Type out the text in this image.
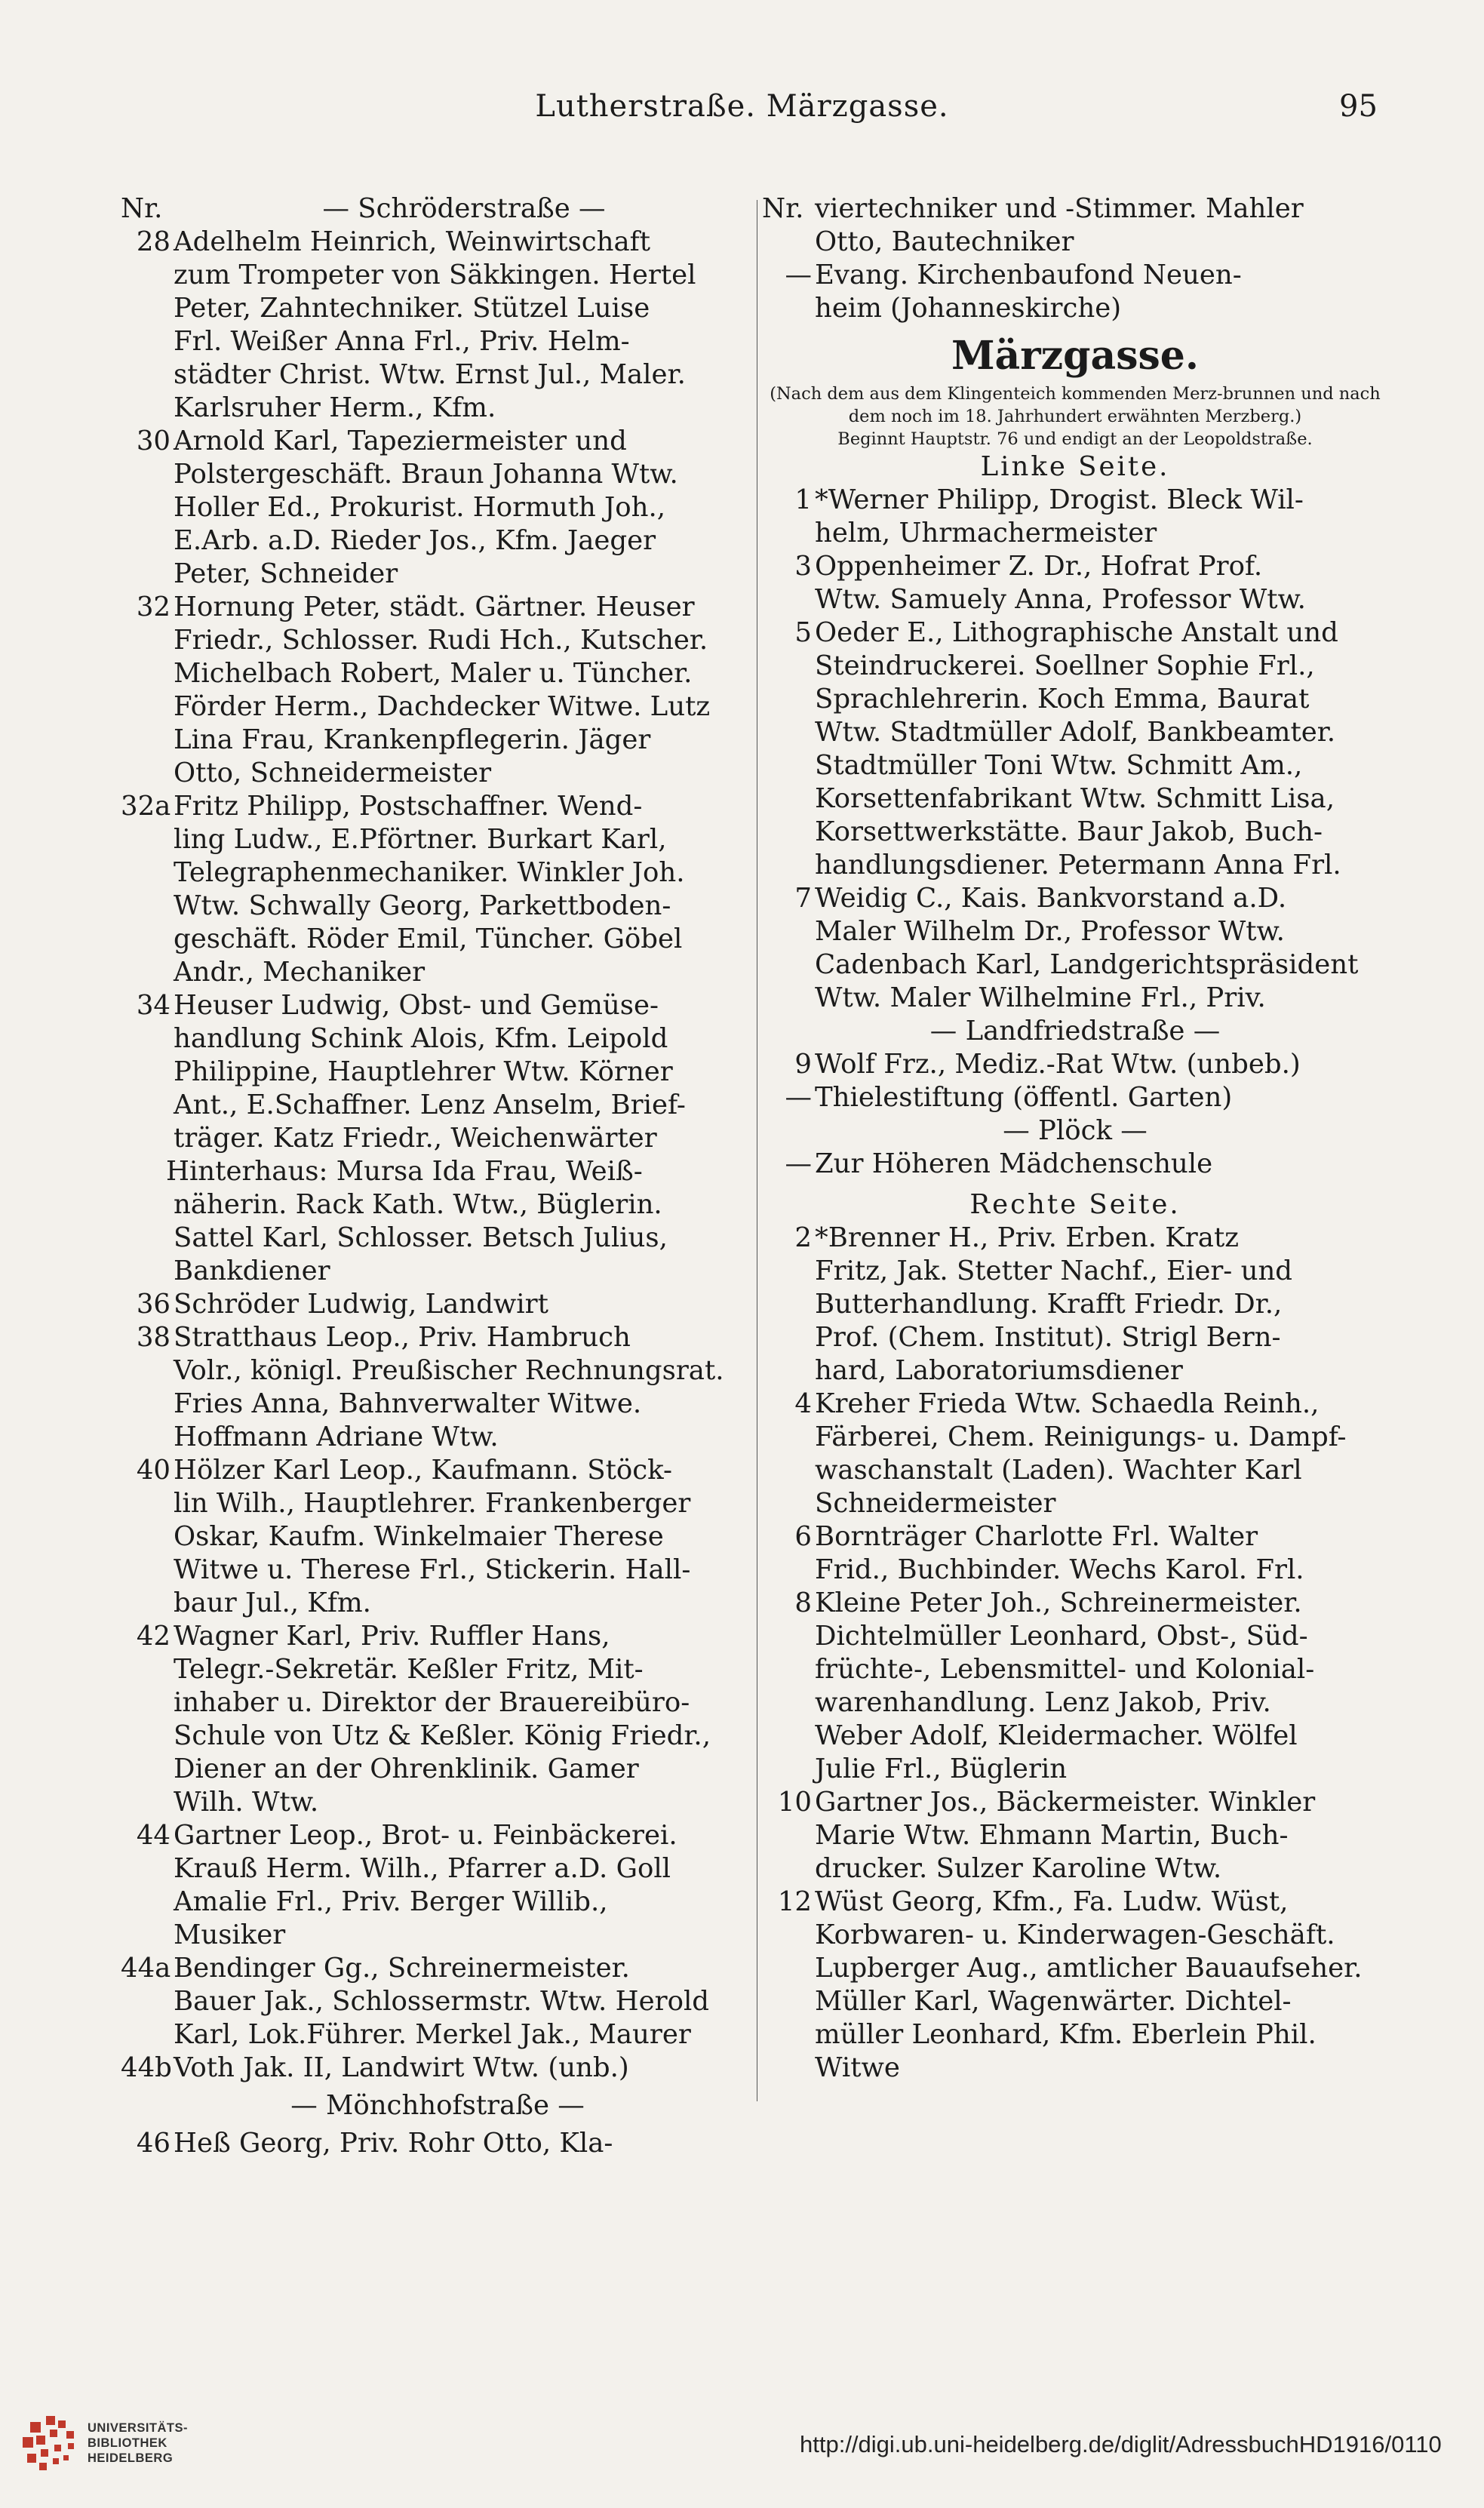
Lutherstraße. Märzgasse.	95
Nr.	— Schröderstraße —
28 Adelhelm Heinrich, Weinwirtschaft
zum Trompeter von Säkkingen. Hertel
Peter, Zahntechniker. Stützel Luise
Frl. Weißer Anna Frl., Priv. Helm-
städter Christ. Wtw. Ernst Jul., Maler.
Karlsruher Herm., Kfm.
30 Arnold Karl, Tapeziermeister und
Polstergeschäft. Braun Johanna Wtw.
Holler Ed., Prokurist. Hormuth Joh.,
E.Arb. a.D. Rieder Jos., Kfm. Jaeger
Peter, Schneider
32 Hornung Peter, städt. Gärtner. Heuser
Friedr., Schlosser. Rudi Hch., Kutscher.
Michelbach Robert, Maler u. Tüncher.
Förder Herm., Dachdecker Witwe. Lutz
Lina Frau, Krankenpflegerin. Jäger
Otto, Schneidermeister
32a Fritz Philipp, Postschaffner. Wend-
ling Ludw., E.Pförtner. Burkart Karl,
Telegraphenmechaniker. Winkler Joh.
Wtw. Schwally Georg, Parkettboden-
geschäft. Röder Emil, Tüncher. Göbel
Andr., Mechaniker
34 Heuser Ludwig, Obst- und Gemüse-
handlung Schink Alois, Kfm. Leipold
Philippine, Hauptlehrer Wtw. Körner
Ant., E.Schaffner. Lenz Anselm, Brief-
träger. Katz Friedr., Weichenwärter
Hinterhaus: Mursa Ida Frau, Weiß-
näherin. Rack Kath. Wtw., Büglerin.
Sattel Karl, Schlosser. Betsch Julius,
Bankdiener
36 Schröder Ludwig, Landwirt
38 Stratthaus Leop., Priv. Hambruch
Volr., königl. Preußischer Rechnungsrat.
Fries Anna, Bahnverwalter Witwe.
Hoffmann Adriane Wtw.
40 Hölzer Karl Leop., Kaufmann. Stöck-
lin Wilh., Hauptlehrer. Frankenberger
Oskar, Kaufm. Winkelmaier Therese
Witwe u. Therese Frl., Stickerin. Hall-
baur Jul., Kfm.
42 Wagner Karl, Priv. Ruffler Hans,
Telegr.-Sekretär. Keßler Fritz, Mit-
inhaber u. Direktor der Brauereibüro-
Schule von Utz & Keßler. König Friedr.,
Diener an der Ohrenklinik. Gamer
Wilh. Wtw.
44 Gartner Leop., Brot- u. Feinbäckerei.
Krauß Herm. Wilh., Pfarrer a.D. Goll
Amalie Frl., Priv. Berger Willib.,
Musiker
44a Bendinger Gg., Schreinermeister.
Bauer Jak., Schlossermstr. Wtw. Herold
Karl, Lok.Führer. Merkel Jak., Maurer
44b Voth Jak. II, Landwirt Wtw. (unb.)
— Mönchhofstraße —
46 Heß Georg, Priv. Rohr Otto, Kla-
Nr. viertechniker und -Stimmer. Mahler
Otto, Bautechniker
— Evang. Kirchenbaufond Neuen-
heim (Johanneskirche)
Märzgasse.
(Nach dem aus dem Klingenteich kommenden Merz-brunnen und nach dem noch im 18. Jahrhundert erwähnten Merzberg.)
Beginnt Hauptstr. 76 und endigt an der Leopoldstraße.
Linke Seite.
1 *Werner Philipp, Drogist. Bleck Wil-
helm, Uhrmachermeister
3 Oppenheimer Z. Dr., Hofrat Prof.
Wtw. Samuely Anna, Professor Wtw.
5 Oeder E., Lithographische Anstalt und
Steindruckerei. Soellner Sophie Frl.,
Sprachlehrerin. Koch Emma, Baurat
Wtw. Stadtmüller Adolf, Bankbeamter.
Stadtmüller Toni Wtw. Schmitt Am.,
Korsettenfabrikant Wtw. Schmitt Lisa,
Korsettwerkstätte. Baur Jakob, Buch-
handlungsdiener. Petermann Anna Frl.
7 Weidig C., Kais. Bankvorstand a.D.
Maler Wilhelm Dr., Professor Wtw.
Cadenbach Karl, Landgerichtspräsident
Wtw. Maler Wilhelmine Frl., Priv.
— Landfriedstraße —
9 Wolf Frz., Mediz.-Rat Wtw. (unbeb.)
— Thielestiftung (öffentl. Garten)
— Plöck —
— Zur Höheren Mädchenschule
Rechte Seite.
2 *Brenner H., Priv. Erben. Kratz
Fritz, Jak. Stetter Nachf., Eier- und
Butterhandlung. Krafft Friedr. Dr.,
Prof. (Chem. Institut). Strigl Bern-
hard, Laboratoriumsdiener
4 Kreher Frieda Wtw. Schaedla Reinh.,
Färberei, Chem. Reinigungs- u. Dampf-
waschanstalt (Laden). Wachter Karl
Schneidermeister
6 Bornträger Charlotte Frl. Walter
Frid., Buchbinder. Wechs Karol. Frl.
8 Kleine Peter Joh., Schreinermeister.
Dichtelmüller Leonhard, Obst-, Süd-
früchte-, Lebensmittel- und Kolonial-
warenhandlung. Lenz Jakob, Priv.
Weber Adolf, Kleidermacher. Wölfel
Julie Frl., Büglerin
10 Gartner Jos., Bäckermeister. Winkler
Marie Wtw. Ehmann Martin, Buch-
drucker. Sulzer Karoline Wtw.
12 Wüst Georg, Kfm., Fa. Ludw. Wüst,
Korbwaren- u. Kinderwagen-Geschäft.
Lupberger Aug., amtlicher Bauaufseher.
Müller Karl, Wagenwärter. Dichtel-
müller Leonhard, Kfm. Eberlein Phil.
Witwe
UNIVERSITÄTS-
BIBLIOTHEK
HEIDELBERG
http://digi.ub.uni-heidelberg.de/diglit/AdressbuchHD1916/0110
